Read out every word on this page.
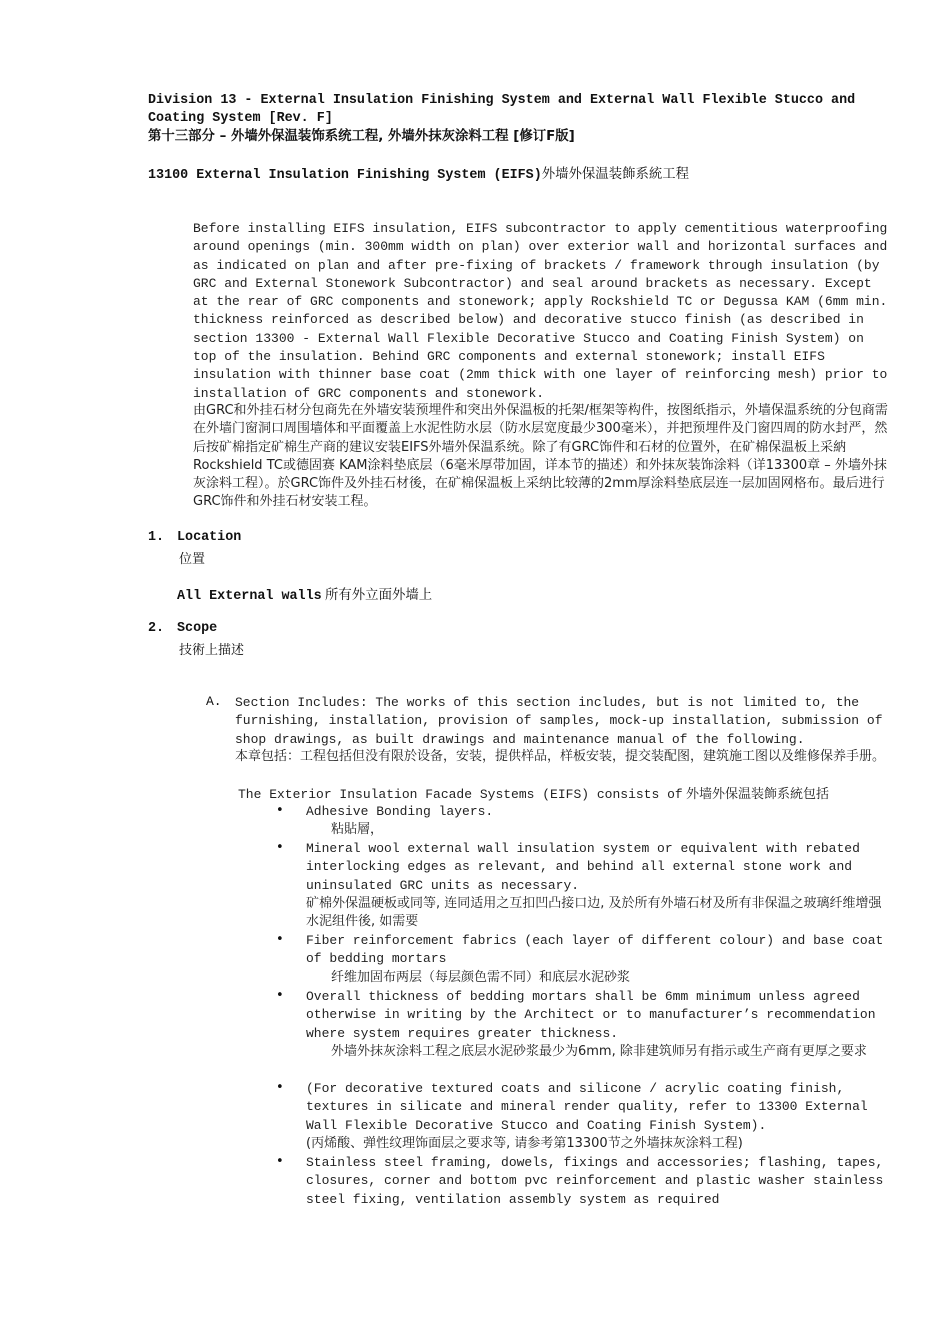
Division 13 - External Insulation Finishing System and External Wall Flexible Stucco and Coating System [Rev. F]
第十三部分 – 外墙外保温装饰系统工程, 外墙外抹灰涂料工程 [修订F版]
13100 External Insulation Finishing System (EIFS)外墙外保温装飾系統工程
Before installing EIFS insulation, EIFS subcontractor to apply cementitious waterproofing around openings (min. 300mm width on plan) over exterior wall and horizontal surfaces and as indicated on plan and after pre-fixing of brackets / framework through insulation (by GRC and External Stonework Subcontractor) and seal around brackets as necessary. Except at the rear of GRC components and stonework; apply Rockshield TC or Degussa KAM (6mm min. thickness reinforced as described below) and decorative stucco finish (as described in section 13300 - External Wall Flexible Decorative Stucco and Coating Finish System) on top of the insulation. Behind GRC components and external stonework; install EIFS insulation with thinner base coat (2mm thick with one layer of reinforcing mesh) prior to installation of GRC components and stonework.
由GRC和外挂石材分包商先在外墙安装预埋件和突出外保温板的托架/框架等构件，按图纸指示，外墙保温系统的分包商需在外墙门窗洞口周围墙体和平面覆盖上水泥性防水层（防水层宽度最少300毫米），并把预埋件及门窗四周的防水封严，然后按矿棉指定矿棉生产商的建议安装EIFS外墙外保温系统。除了有GRC饰件和石材的位置外，在矿棉保温板上采納Rockshield TC或德固赛 KAM涂料垫底层（6毫米厚带加固，详本节的描述）和外抹灰装饰涂料（详13300章 – 外墙外抹灰涂料工程）。於GRC饰件及外挂石材後，在矿棉保温板上采纳比较薄的2mm厚涂料垫底层连一层加固网格布。最后进行GRC饰件和外挂石材安装工程。
1. Location
位置
All External walls 所有外立面外墙上
2. Scope
技術上描述
A. Section Includes: The works of this section includes, but is not limited to, the furnishing, installation, provision of samples, mock-up installation, submission of shop drawings, as built drawings and maintenance manual of the following.
本章包括：工程包括但没有限於设备，安装，提供样品，样板安装，提交装配图，建筑施工图以及维修保养手册。
The Exterior Insulation Facade Systems (EIFS) consists of 外墙外保温装飾系統包括
• Adhesive Bonding layers.
粘貼層，
• Mineral wool external wall insulation system or equivalent with rebated interlocking edges as relevant, and behind all external stone work and uninsulated GRC units as necessary.
矿棉外保温硬板或同等, 连同适用之互扣凹凸接口边, 及於所有外墙石材及所有非保温之玻璃纤维增强水泥组件後, 如需要
• Fiber reinforcement fabrics (each layer of different colour) and base coat of bedding mortars
纤维加固布两层（每层颜色需不同）和底层水泥砂浆
• Overall thickness of bedding mortars shall be 6mm minimum unless agreed otherwise in writing by the Architect or to manufacturer’s recommendation where system requires greater thickness.
外墙外抹灰涂料工程之底层水泥砂浆最少为6mm, 除非建筑师另有指示或生产商有更厚之要求
• (For decorative textured coats and silicone / acrylic coating finish, textures in silicate and mineral render quality, refer to 13300 External Wall Flexible Decorative Stucco and Coating Finish System).
(丙烯酸、弹性纹理饰面层之要求等, 请参考第13300节之外墙抹灰涂料工程)
• Stainless steel framing, dowels, fixings and accessories; flashing, tapes, closures, corner and bottom pvc reinforcement and plastic washer stainless steel fixing, ventilation assembly system as required
